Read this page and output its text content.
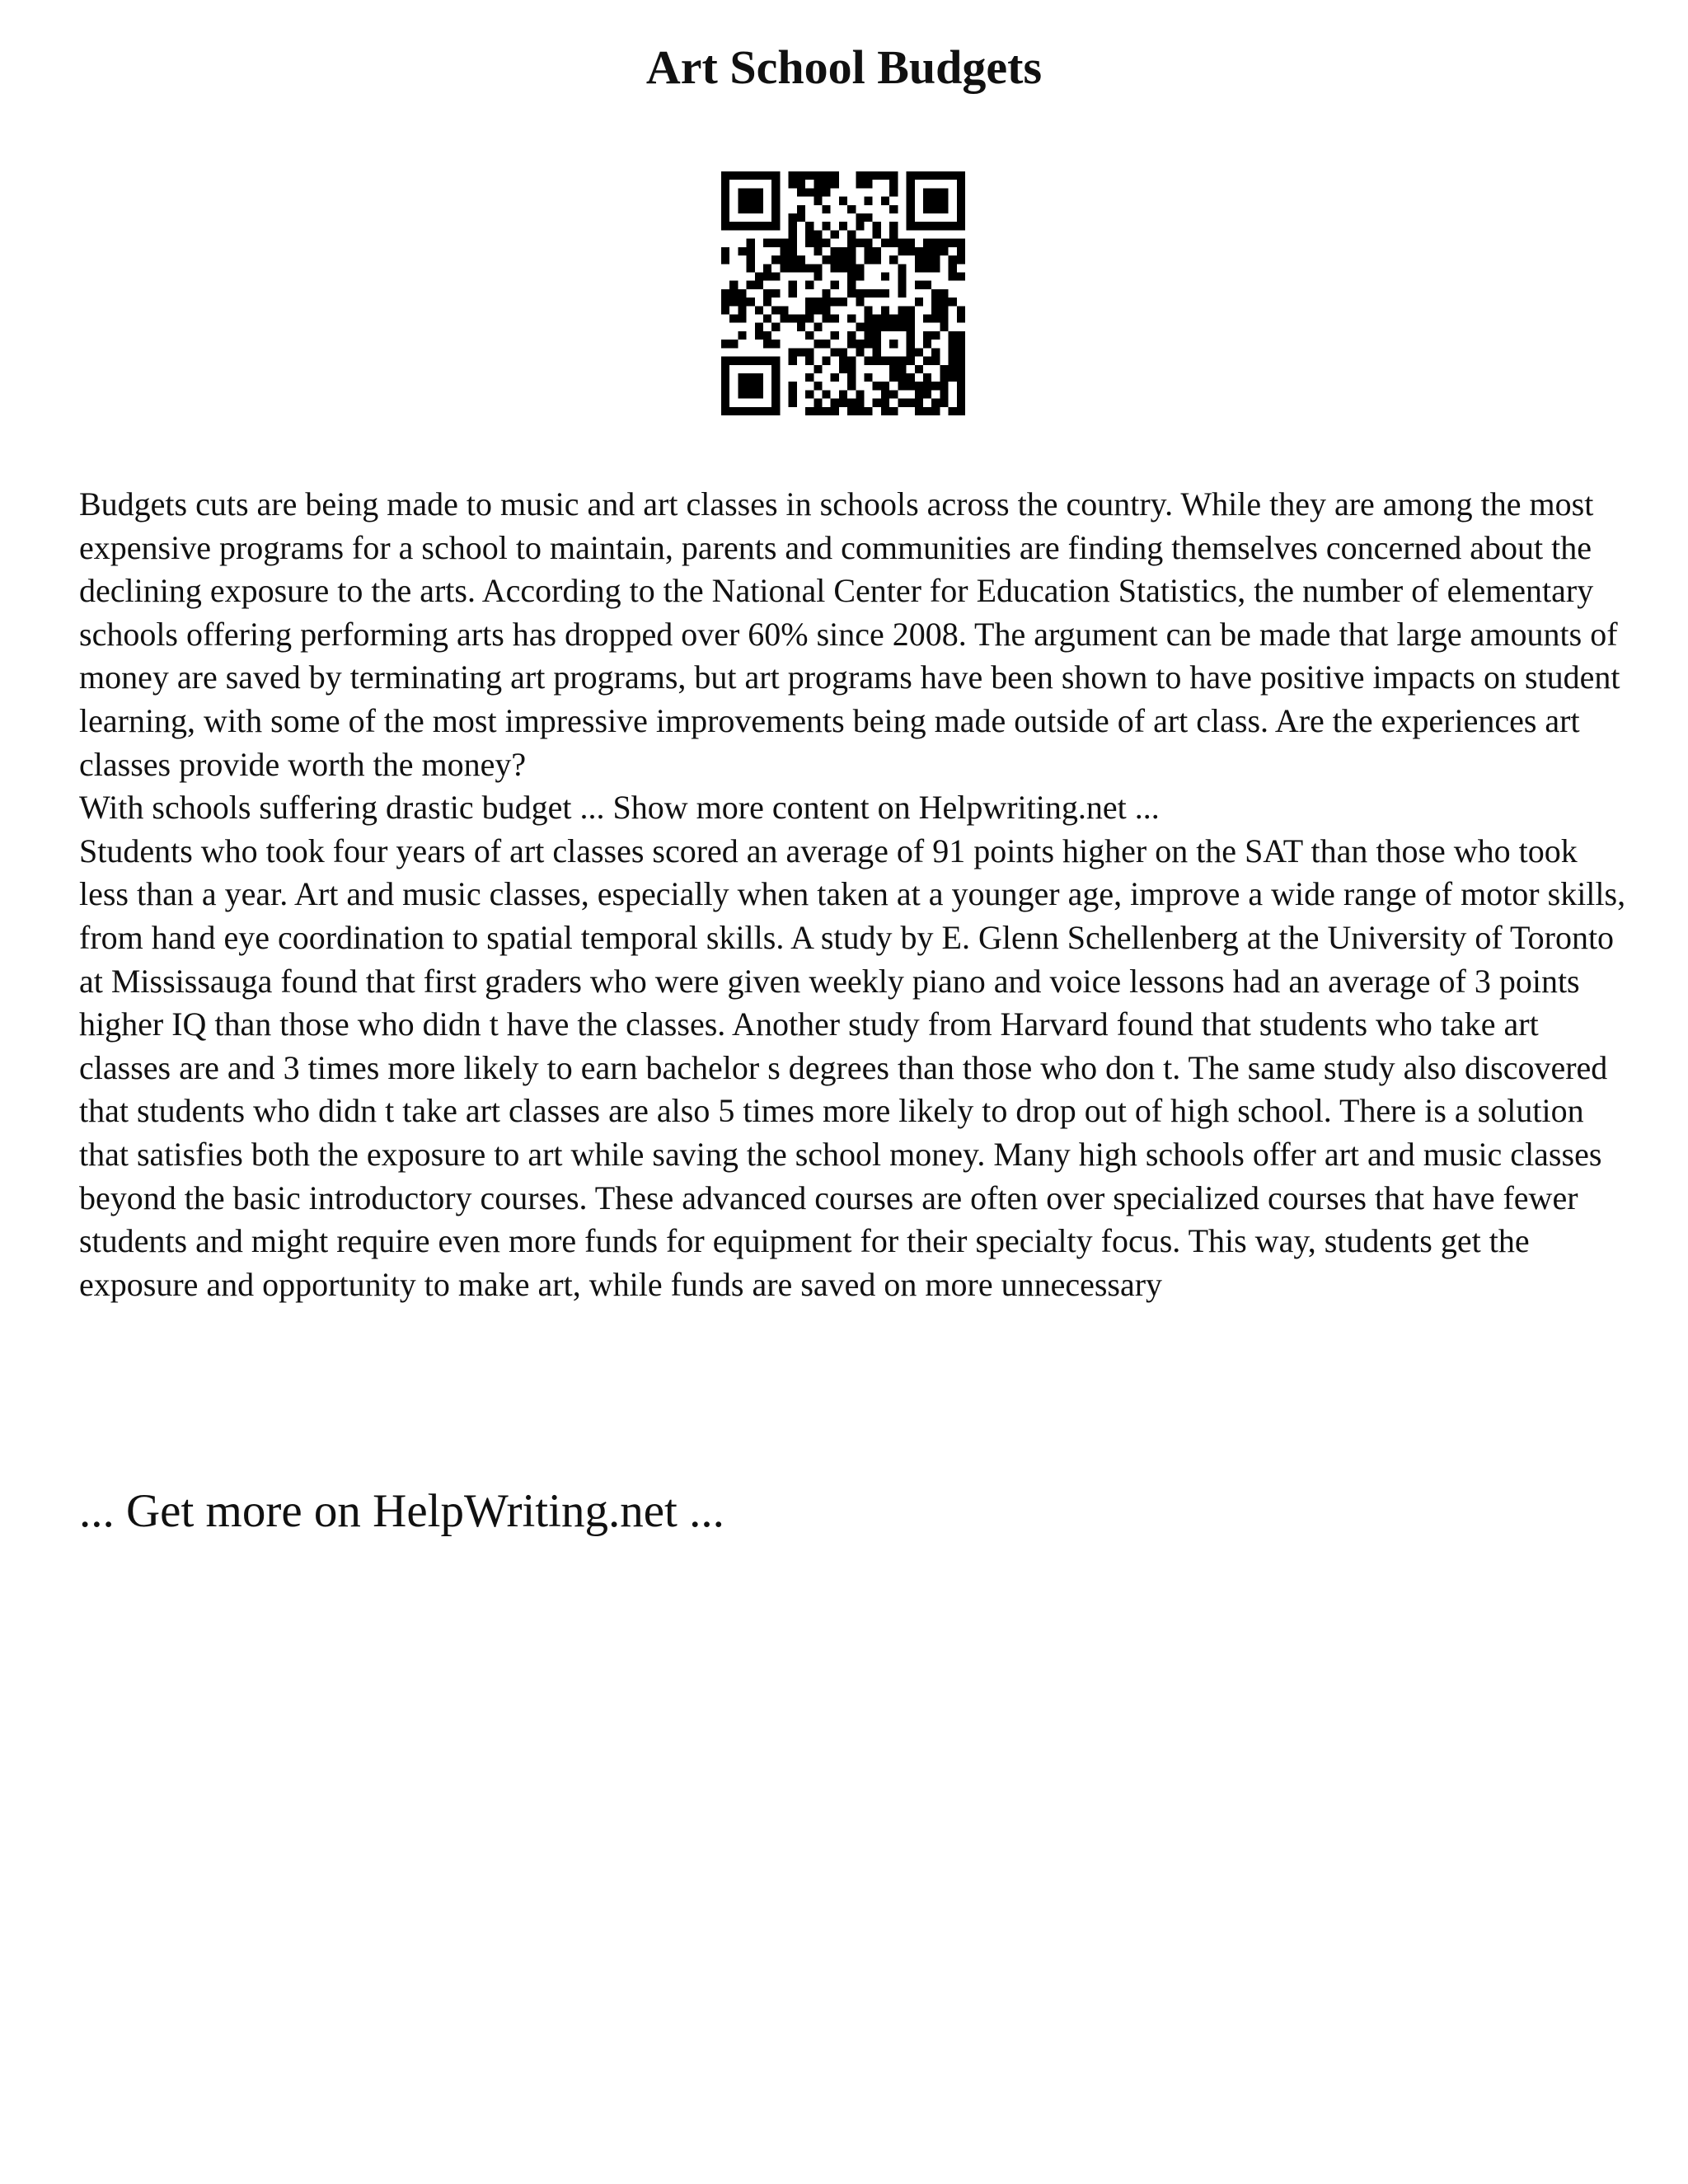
Art School Budgets

Budgets cuts are being made to music and art classes in schools across the country. While they are among the most expensive programs for a school to maintain, parents and communities are finding themselves concerned about the declining exposure to the arts. According to the National Center for Education Statistics, the number of elementary schools offering performing arts has dropped over 60% since 2008. The argument can be made that large amounts of money are saved by terminating art programs, but art programs have been shown to have positive impacts on student learning, with some of the most impressive improvements being made outside of art class. Are the experiences art classes provide worth the money?

With schools suffering drastic budget ... Show more content on Helpwriting.net ...

Students who took four years of art classes scored an average of 91 points higher on the SAT than those who took less than a year. Art and music classes, especially when taken at a younger age, improve a wide range of motor skills, from hand eye coordination to spatial temporal skills. A study by E. Glenn Schellenberg at the University of Toronto at Mississauga found that first graders who were given weekly piano and voice lessons had an average of 3 points higher IQ than those who didn t have the classes. Another study from Harvard found that students who take art classes are and 3 times more likely to earn bachelor s degrees than those who don t. The same study also discovered that students who didn t take art classes are also 5 times more likely to drop out of high school. There is a solution that satisfies both the exposure to art while saving the school money. Many high schools offer art and music classes beyond the basic introductory courses. These advanced courses are often over specialized courses that have fewer students and might require even more funds for equipment for their specialty focus. This way, students get the exposure and opportunity to make art, while funds are saved on more unnecessary

... Get more on HelpWriting.net ...
